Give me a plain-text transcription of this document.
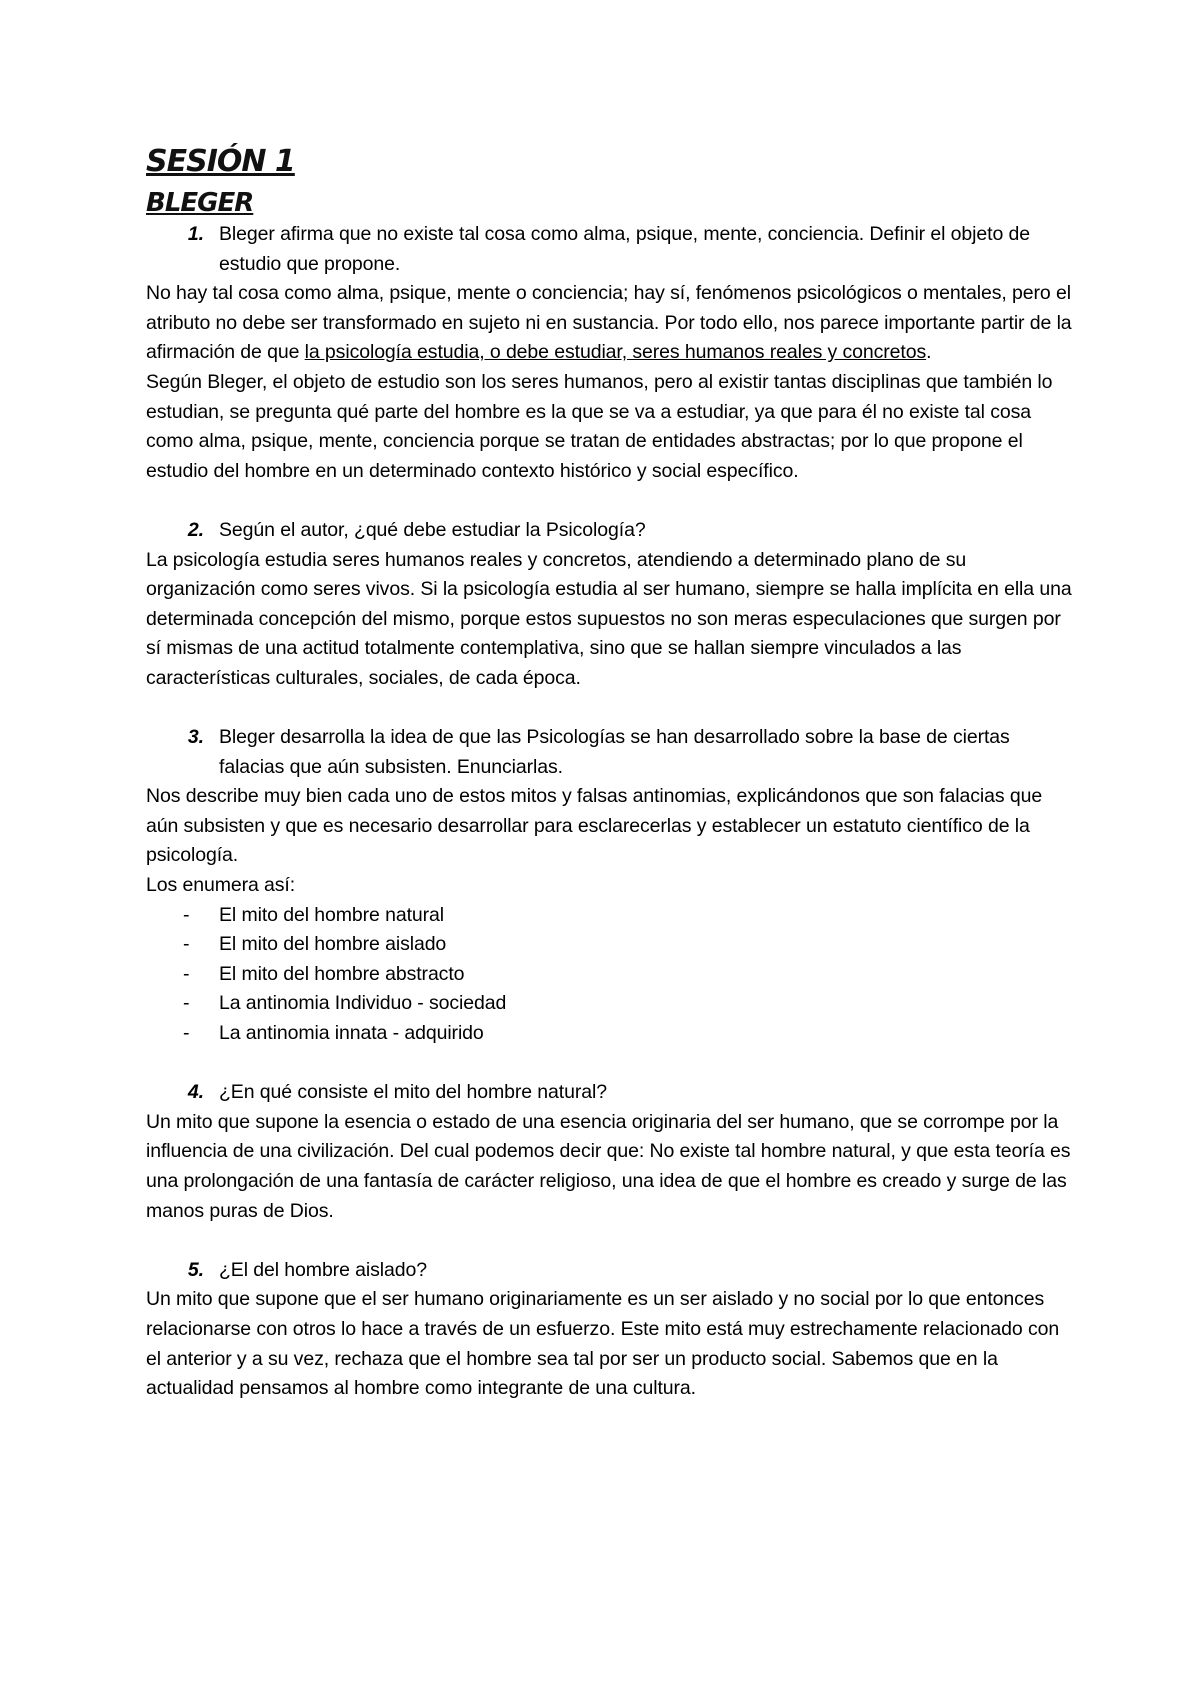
SESIÓN 1
BLEGER
1. Bleger afirma que no existe tal cosa como alma, psique, mente, conciencia. Definir el objeto de estudio que propone.

No hay tal cosa como alma, psique, mente o conciencia; hay sí, fenómenos psicológicos o mentales, pero el atributo no debe ser transformado en sujeto ni en sustancia. Por todo ello, nos parece importante partir de la afirmación de que la psicología estudia, o debe estudiar, seres humanos reales y concretos.

Según Bleger, el objeto de estudio son los seres humanos, pero al existir tantas disciplinas que también lo estudian, se pregunta qué parte del hombre es la que se va a estudiar, ya que para él no existe tal cosa como alma, psique, mente, conciencia porque se tratan de entidades abstractas; por lo que propone el estudio del hombre en un determinado contexto histórico y social específico.

2. Según el autor, ¿qué debe estudiar la Psicología?

La psicología estudia seres humanos reales y concretos, atendiendo a determinado plano de su organización como seres vivos. Si la psicología estudia al ser humano, siempre se halla implícita en ella una determinada concepción del mismo, porque estos supuestos no son meras especulaciones que surgen por sí mismas de una actitud totalmente contemplativa, sino que se hallan siempre vinculados a las características culturales, sociales, de cada época.

3. Bleger desarrolla la idea de que las Psicologías se han desarrollado sobre la base de ciertas falacias que aún subsisten. Enunciarlas.

Nos describe muy bien cada uno de estos mitos y falsas antinomias, explicándonos que son falacias que aún subsisten y que es necesario desarrollar para esclarecerlas y establecer un estatuto científico de la psicología.

Los enumera así:

-	El mito del hombre natural
-	El mito del hombre aislado
-	El mito del hombre abstracto
-	La antinomia Individuo - sociedad
-	La antinomia innata - adquirido
4. ¿En qué consiste el mito del hombre natural?

Un mito que supone la esencia o estado de una esencia originaria del ser humano, que se corrompe por la influencia de una civilización. Del cual podemos decir que: No existe tal hombre natural, y que esta teoría es una prolongación de una fantasía de carácter religioso, una idea de que el hombre es creado y surge de las manos puras de Dios.

5. ¿El del hombre aislado?

Un mito que supone que el ser humano originariamente es un ser aislado y no social por lo que entonces relacionarse con otros lo hace a través de un esfuerzo. Este mito está muy estrechamente relacionado con el anterior y a su vez, rechaza que el hombre sea tal por ser un producto social. Sabemos que en la actualidad pensamos al hombre como integrante de una cultura.
